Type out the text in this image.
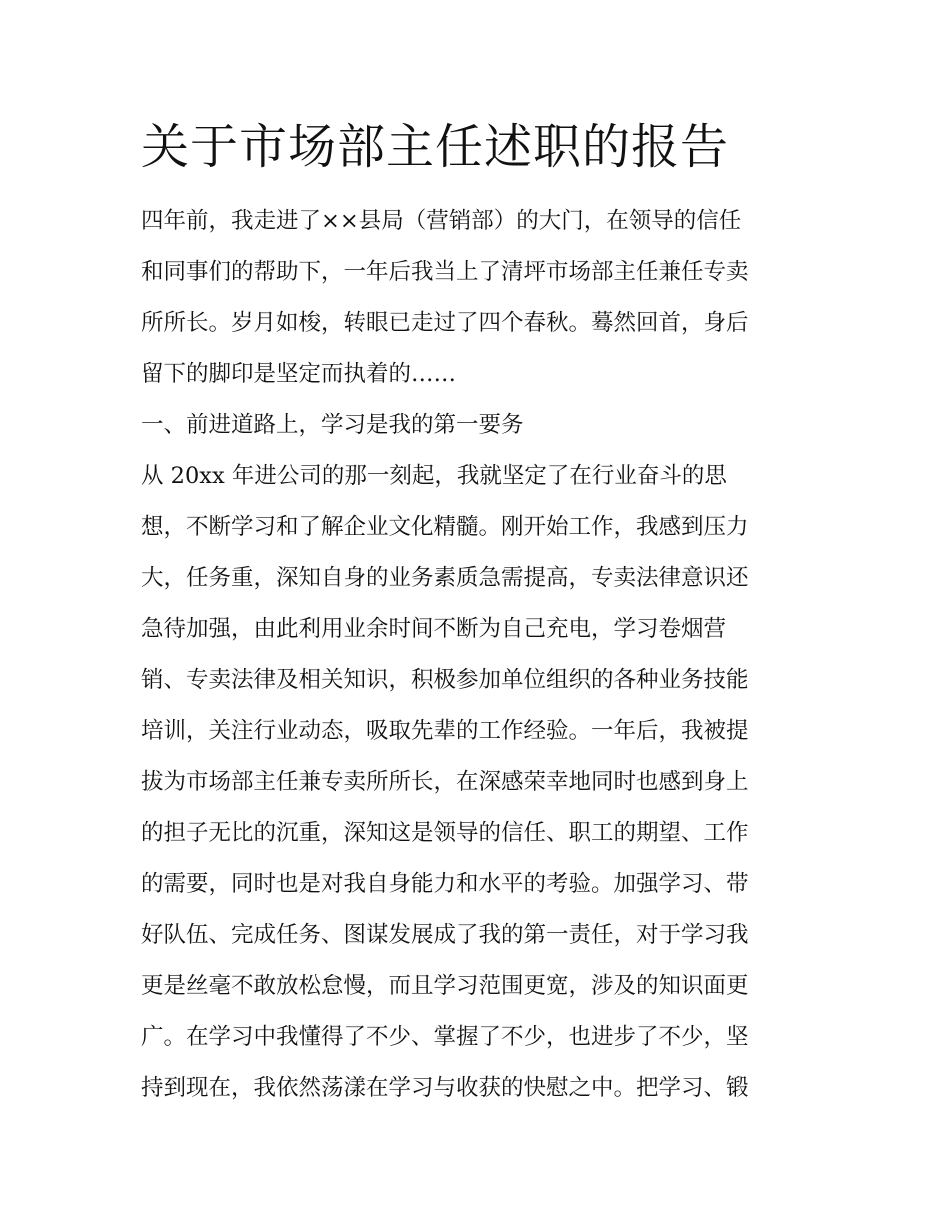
关于市场部主任述职的报告

四年前，我走进了××县局（营销部）的大门，在领导的信任

和同事们的帮助下，一年后我当上了清坪市场部主任兼任专卖

所所长。岁月如梭，转眼已走过了四个春秋。蓦然回首，身后

留下的脚印是坚定而执着的……

一、前进道路上，学习是我的第一要务

从 20xx 年进公司的那一刻起，我就坚定了在行业奋斗的思

想，不断学习和了解企业文化精髓。刚开始工作，我感到压力

大，任务重，深知自身的业务素质急需提高，专卖法律意识还

急待加强，由此利用业余时间不断为自己充电，学习卷烟营

销、专卖法律及相关知识，积极参加单位组织的各种业务技能

培训，关注行业动态，吸取先辈的工作经验。一年后，我被提

拔为市场部主任兼专卖所所长，在深感荣幸地同时也感到身上

的担子无比的沉重，深知这是领导的信任、职工的期望、工作

的需要，同时也是对我自身能力和水平的考验。加强学习、带

好队伍、完成任务、图谋发展成了我的第一责任，对于学习我

更是丝毫不敢放松怠慢，而且学习范围更宽，涉及的知识面更

广。在学习中我懂得了不少、掌握了不少，也进步了不少，坚

持到现在，我依然荡漾在学习与收获的快慰之中。把学习、锻
